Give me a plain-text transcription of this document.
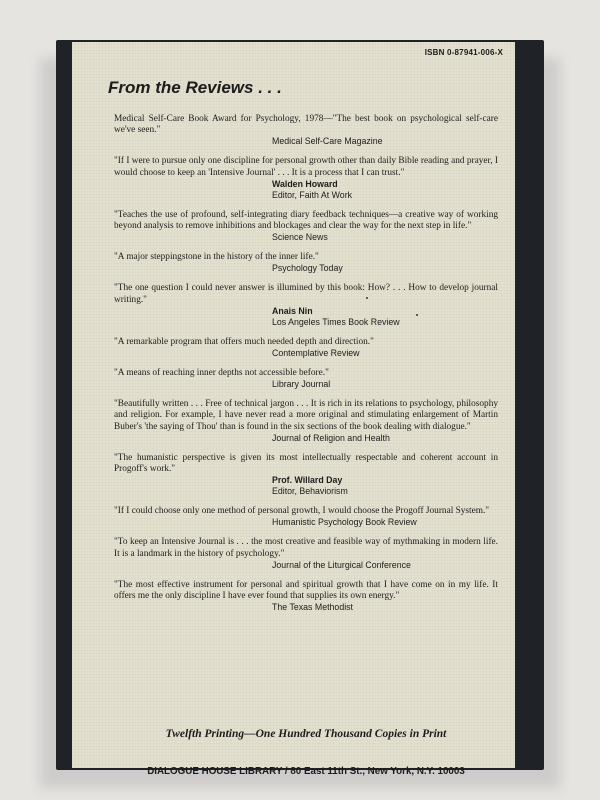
ISBN 0-87941-006-X
From the Reviews . . .
Medical Self-Care Book Award for Psychology, 1978—"The best book on psychological self-care we've seen."
Medical Self-Care Magazine
"If I were to pursue only one discipline for personal growth other than daily Bible reading and prayer, I would choose to keep an 'Intensive Journal' . . . It is a process that I can trust."
Walden Howard
Editor, Faith At Work
"Teaches the use of profound, self-integrating diary feedback techniques—a creative way of working beyond analysis to remove inhibitions and blockages and clear the way for the next step in life."
Science News
"A major steppingstone in the history of the inner life."
Psychology Today
"The one question I could never answer is illumined by this book: How? . . . How to develop journal writing."
Anais Nin
Los Angeles Times Book Review
"A remarkable program that offers much needed depth and direction."
Contemplative Review
"A means of reaching inner depths not accessible before."
Library Journal
"Beautifully written . . . Free of technical jargon . . . It is rich in its relations to psychology, philosophy and religion. For example, I have never read a more original and stimulating enlargement of Martin Buber's 'the saying of Thou' than is found in the six sections of the book dealing with dialogue."
Journal of Religion and Health
"The humanistic perspective is given its most intellectually respectable and coherent account in Progoff's work."
Prof. Willard Day
Editor, Behaviorism
"If I could choose only one method of personal growth, I would choose the Progoff Journal System."
Humanistic Psychology Book Review
"To keep an Intensive Journal is . . . the most creative and feasible way of mythmaking in modern life. It is a landmark in the history of psychology."
Journal of the Liturgical Conference
"The most effective instrument for personal and spiritual growth that I have come on in my life. It offers me the only discipline I have ever found that supplies its own energy."
The Texas Methodist
Twelfth Printing—One Hundred Thousand Copies in Print
DIALOGUE HOUSE LIBRARY / 80 East 11th St., New York, N.Y. 10003
